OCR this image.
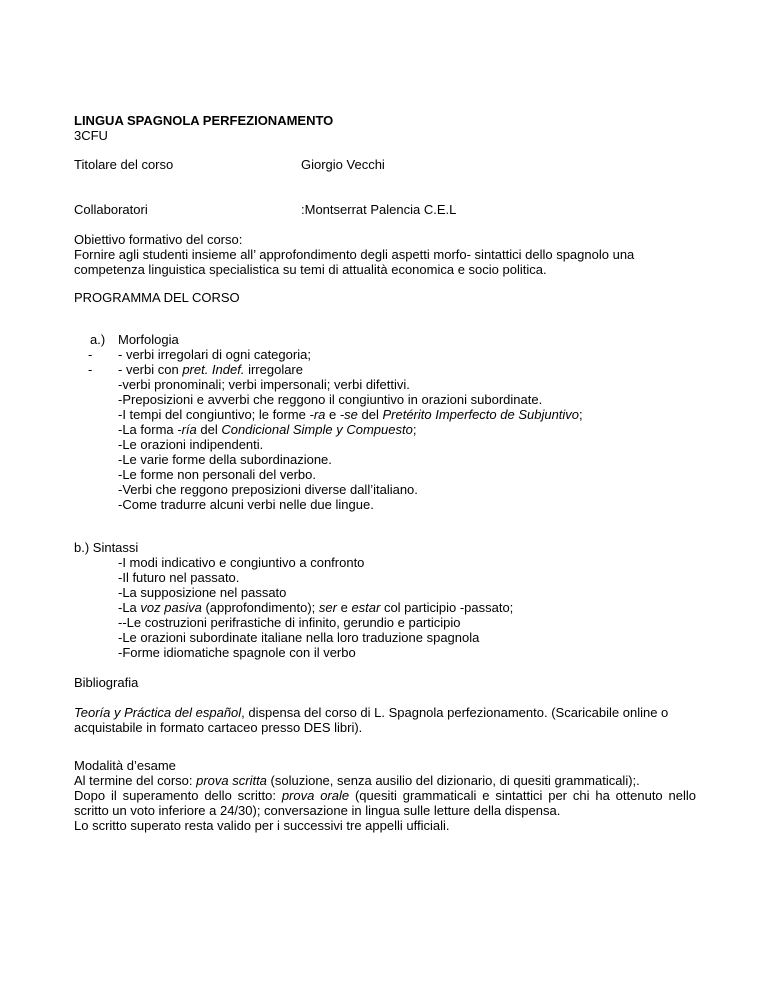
LINGUA SPAGNOLA PERFEZIONAMENTO
3CFU
Titolare del corso	Giorgio Vecchi
Collaboratori	:Montserrat Palencia C.E.L
Obiettivo formativo del corso:
Fornire agli studenti insieme all’ approfondimento degli aspetti morfo- sintattici dello spagnolo una competenza linguistica specialistica su temi di attualità economica e socio politica.
PROGRAMMA DEL CORSO
a.) Morfologia
-
-
- verbi irregolari di ogni categoria;
- verbi con pret. Indef. irregolare
-verbi pronominali; verbi impersonali; verbi difettivi.
-Preposizioni e avverbi che reggono il congiuntivo in orazioni subordinate.
-I tempi del congiuntivo; le forme -ra e -se del Pretérito Imperfecto de Subjuntivo;
-La forma -ría del Condicional Simple y Compuesto;
-Le orazioni indipendenti.
-Le varie forme della subordinazione.
-Le forme non personali del verbo.
-Verbi che reggono preposizioni diverse dall’italiano.
-Come tradurre alcuni verbi nelle due lingue.
b.) Sintassi
-I modi indicativo e congiuntivo a confronto
-Il futuro nel passato.
-La supposizione nel passato
-La voz pasiva (approfondimento); ser e estar col participio -passato;
--Le costruzioni perifrastiche di infinito, gerundio e participio
-Le orazioni subordinate italiane nella loro traduzione spagnola
-Forme idiomatiche spagnole con il verbo
Bibliografia
Teoría y Práctica del español, dispensa del corso di L. Spagnola perfezionamento. (Scaricabile online o acquistabile in formato cartaceo presso DES libri).
Modalità d’esame
Al termine del corso: prova scritta (soluzione, senza ausilio del dizionario, di quesiti grammaticali);.
Dopo il superamento dello scritto: prova orale (quesiti grammaticali e sintattici per chi ha ottenuto nello scritto un voto inferiore a 24/30); conversazione in lingua sulle letture della dispensa.
Lo scritto superato resta valido per i successivi tre appelli ufficiali.
